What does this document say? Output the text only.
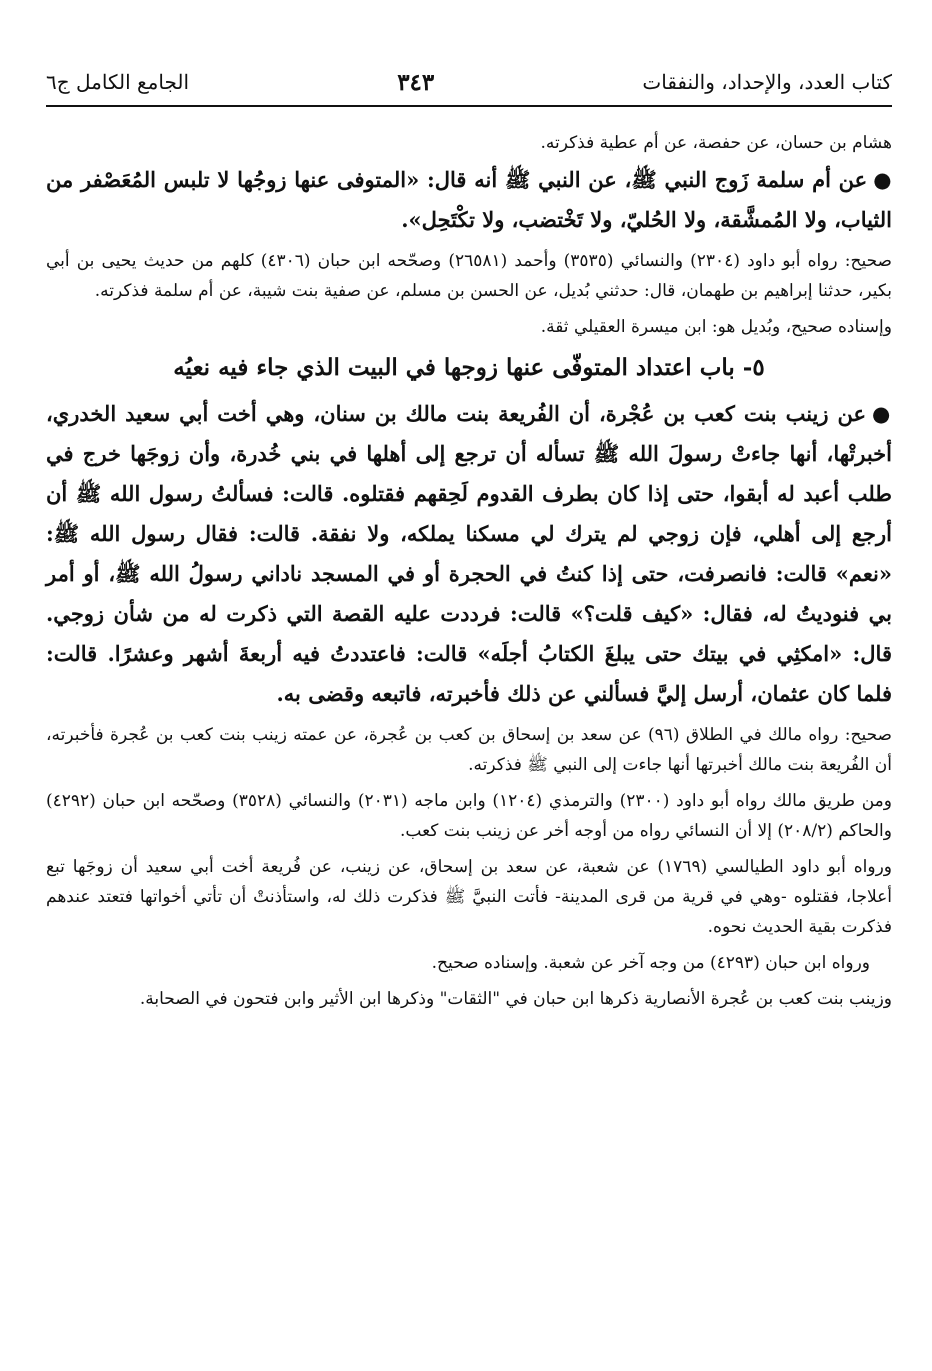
كتاب العدد، والإحداد، والنفقات
٣٤٣
الجامع الكامل ج٦

هشام بن حسان، عن حفصة، عن أم عطية فذكرته.

●عن أم سلمة زَوج النبي ﷺ، عن النبي ﷺ أنه قال: «المتوفى عنها زوجُها لا تلبس المُعَصْفر من الثياب، ولا المُمشَّقة، ولا الحُليّ، ولا تَخْتضب، ولا تكْتَحِل».

صحيح: رواه أبو داود (٢٣٠٤) والنسائي (٣٥٣٥) وأحمد (٢٦٥٨١) وصحّحه ابن حبان (٤٣٠٦) كلهم من حديث يحيى بن أبي بكير، حدثنا إبراهيم بن طهمان، قال: حدثني بُديل، عن الحسن بن مسلم، عن صفية بنت شيبة، عن أم سلمة فذكرته.

وإسناده صحيح، وبُديل هو: ابن ميسرة العقيلي ثقة.

٥- باب اعتداد المتوفّى عنها زوجها في البيت الذي جاء فيه نعيُه

●عن زينب بنت كعب بن عُجْرة، أن الفُريعة بنت مالك بن سنان، وهي أخت أبي سعيد الخدري، أخبرتْها، أنها جاءتْ رسولَ الله ﷺ تسأله أن ترجع إلى أهلها في بني خُدرة، وأن زوجَها خرج في طلب أعبد له أبقوا، حتى إذا كان بطرف القدوم لَحِقهم فقتلوه. قالت: فسألتُ رسول الله ﷺ أن أرجع إلى أهلي، فإن زوجي لم يترك لي مسكنا يملكه، ولا نفقة. قالت: فقال رسول الله ﷺ: «نعم» قالت: فانصرفت، حتى إذا كنتُ في الحجرة أو في المسجد ناداني رسولُ الله ﷺ، أو أمر بي فنوديتُ له، فقال: «كيف قلت؟» قالت: فرددت عليه القصة التي ذكرت له من شأن زوجي. قال: «امكثِي في بيتك حتى يبلغَ الكتابُ أجلَه» قالت: فاعتددتُ فيه أربعةَ أشهر وعشرًا. قالت: فلما كان عثمان، أرسل إليَّ فسألني عن ذلك فأخبرته، فاتبعه وقضى به.

صحيح: رواه مالك في الطلاق (٩٦) عن سعد بن إسحاق بن كعب بن عُجرة، عن عمته زينب بنت كعب بن عُجرة فأخبرته، أن الفُريعة بنت مالك أخبرتها أنها جاءت إلى النبي ﷺ فذكرته.

ومن طريق مالك رواه أبو داود (٢٣٠٠) والترمذي (١٢٠٤) وابن ماجه (٢٠٣١) والنسائي (٣٥٢٨) وصحّحه ابن حبان (٤٢٩٢) والحاكم (٢٠٨/٢) إلا أن النسائي رواه من أوجه أخر عن زينب بنت كعب.

ورواه أبو داود الطيالسي (١٧٦٩) عن شعبة، عن سعد بن إسحاق، عن زينب، عن فُريعة أخت أبي سعيد أن زوجَها تبع أعلاجا، فقتلوه -وهي في قرية من قرى المدينة- فأتت النبيَّ ﷺ فذكرت ذلك له، واستأذنتْ أن تأتي أخواتها فتعتد عندهم فذكرت بقية الحديث نحوه.

ورواه ابن حبان (٤٢٩٣) من وجه آخر عن شعبة. وإسناده صحيح.

وزينب بنت كعب بن عُجرة الأنصارية ذكرها ابن حبان في "الثقات" وذكرها ابن الأثير وابن فتحون في الصحابة.
